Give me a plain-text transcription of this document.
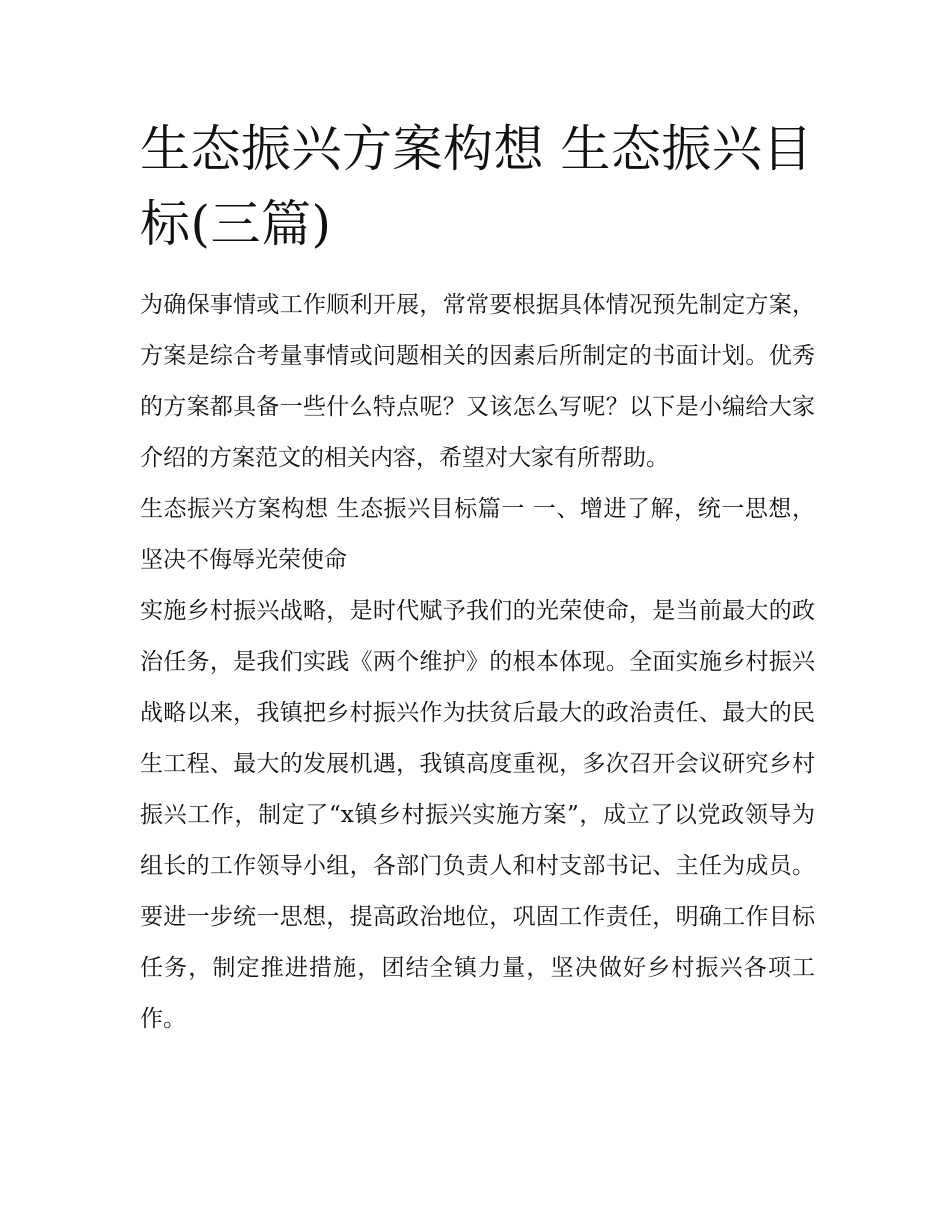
生态振兴方案构想 生态振兴目标(三篇)

为确保事情或工作顺利开展，常常要根据具体情况预先制定方案，方案是综合考量事情或问题相关的因素后所制定的书面计划。优秀的方案都具备一些什么特点呢？又该怎么写呢？以下是小编给大家介绍的方案范文的相关内容，希望对大家有所帮助。

生态振兴方案构想 生态振兴目标篇一 一、增进了解，统一思想，坚决不侮辱光荣使命

实施乡村振兴战略，是时代赋予我们的光荣使命，是当前最大的政治任务，是我们实践《两个维护》的根本体现。全面实施乡村振兴战略以来，我镇把乡村振兴作为扶贫后最大的政治责任、最大的民生工程、最大的发展机遇，我镇高度重视，多次召开会议研究乡村振兴工作，制定了“x镇乡村振兴实施方案”，成立了以党政领导为组长的工作领导小组，各部门负责人和村支部书记、主任为成员。要进一步统一思想，提高政治地位，巩固工作责任，明确工作目标任务，制定推进措施，团结全镇力量，坚决做好乡村振兴各项工作。
